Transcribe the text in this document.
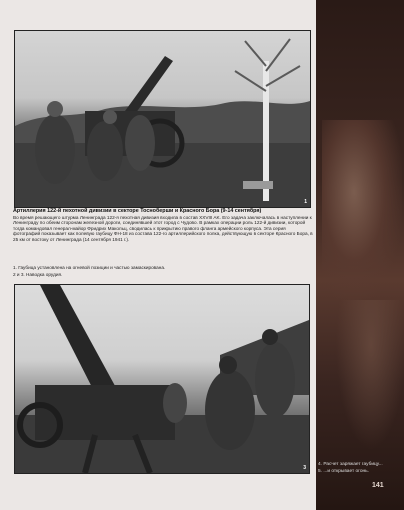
1
Артиллерия 122-й пехотной дивизии в секторе Тосноберши и Красного Бора (9-14 сентября)
Во время решающего штурма Ленинграда 122-я пехотная дивизия входила в состав XXVIII AK. Его задача заключалась в наступлении к Ленинграду по обеим сторонам железной дороги, соединявшей этот город с Чудово. В рамках операции роль 122-й дивизии, которой тогда командовал генерал-майор Фридрих Макольц, сводилась к прикрытию правого фланга армейского корпуса. Эта серия фотографий показывает как полевую гаубицу ФН-18 из состава 122-го артиллерийского полка, действующую в секторе Красного Бора, в 25 км от востоку от Ленинграда (14 сентября 1941 г.).
1. Гаубица установлена на огневой позиции и частью замаскирована.
2 и 3. Наводка орудия.
3
4. Расчет заряжает гаубицу...
5. ...и открывает огонь.
141
